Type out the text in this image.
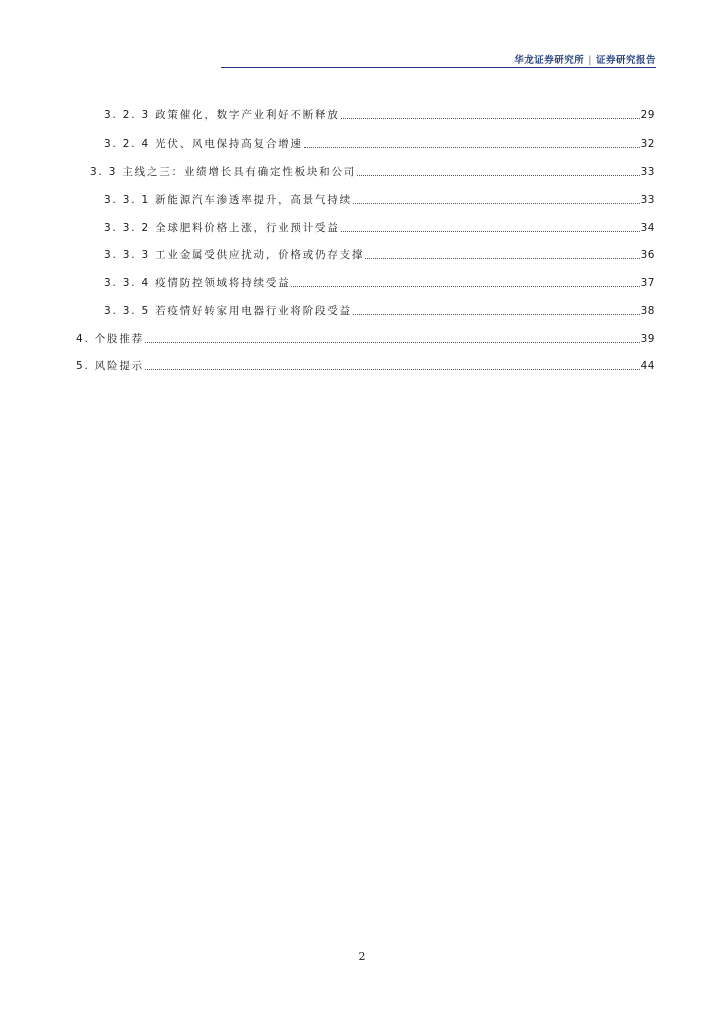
华龙证券研究所 | 证券研究报告
3. 2. 3 政策催化，数字产业利好不断释放	29
3. 2. 4 光伏、风电保持高复合增速	32
3. 3 主线之三：业绩增长具有确定性板块和公司	33
3. 3. 1 新能源汽车渗透率提升，高景气持续	33
3. 3. 2 全球肥料价格上涨，行业预计受益	34
3. 3. 3 工业金属受供应扰动，价格或仍存支撑	36
3. 3. 4 疫情防控领域将持续受益	37
3. 3. 5 若疫情好转家用电器行业将阶段受益	38
4. 个股推荐	39
5. 风险提示	44
2
